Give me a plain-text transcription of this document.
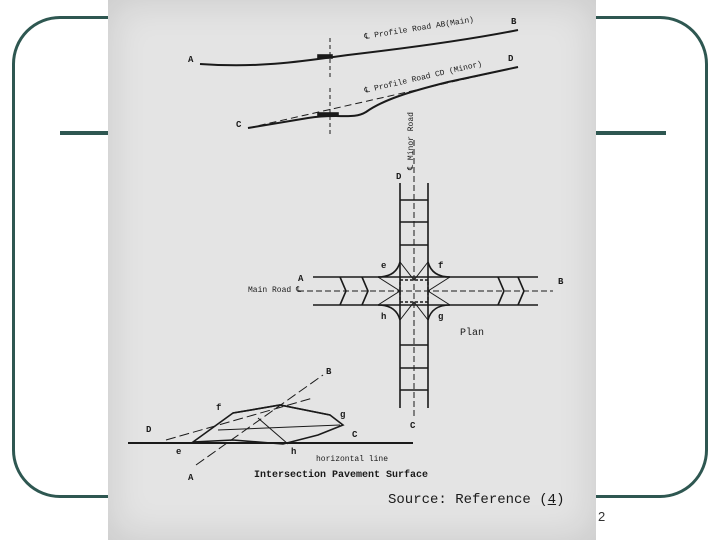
A
B
℄ Profile Road AB(Main)
C
D
℄ Profile Road CD (Minor)
℄ Minor Road
Main Road ℄
D
A	B
C
e	f
h	g
Plan
B
f
g
D	C
e	h
A
horizontal line
Intersection Pavement Surface
Source: Reference (4)
2
